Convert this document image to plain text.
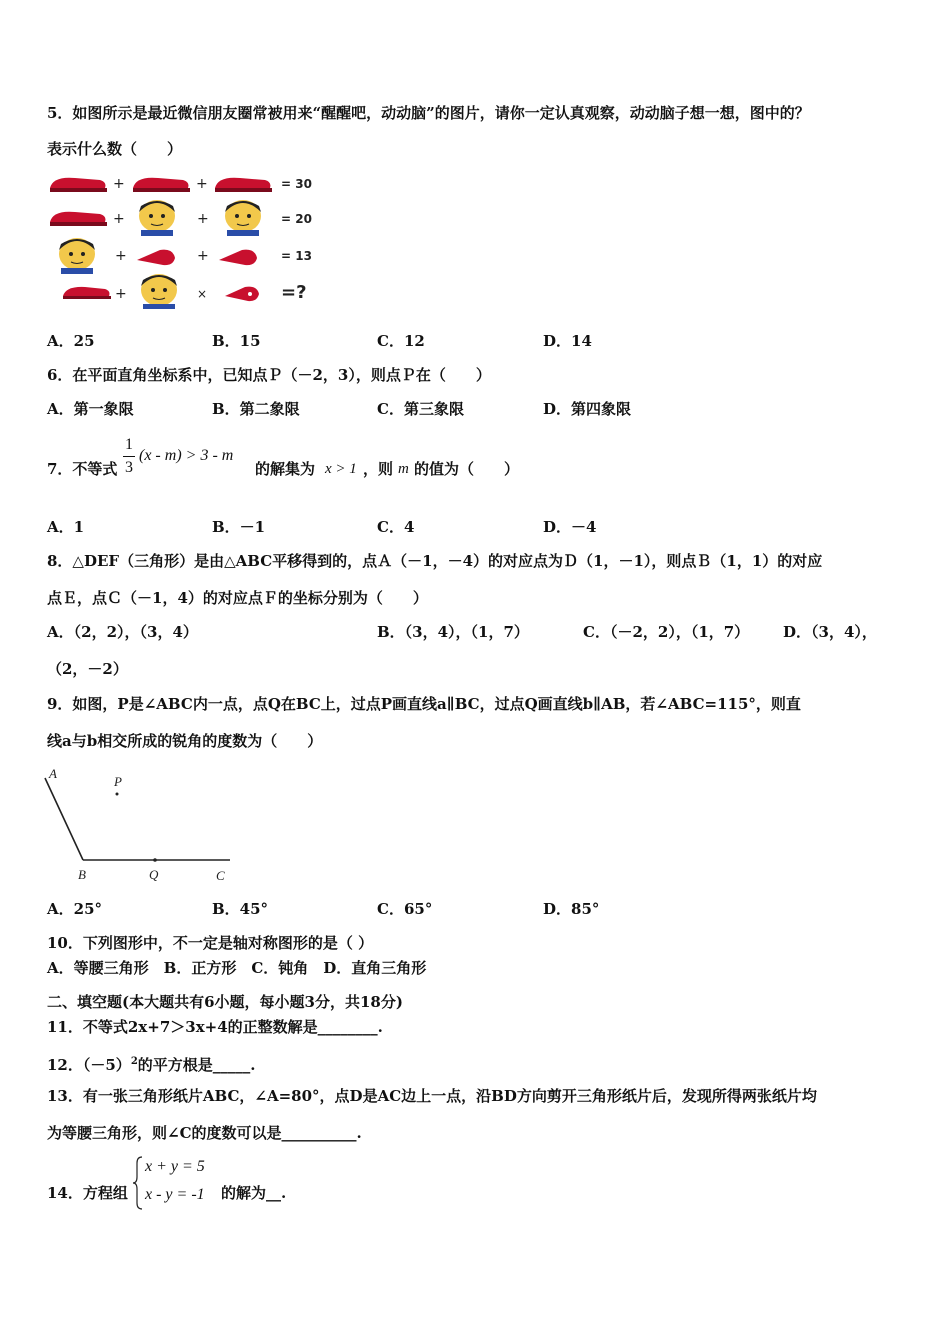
5．如图所示是最近微信朋友圈常被用来“醒醒吧，动动脑”的图片，请你一定认真观察，动动脑子想一想，图中的？
表示什么数（　　）
+	+	= 30
+	+	= 20
+	+	= 13
+	×	=?
A．25	B．15	C．12	D．14
6．在平面直角坐标系中，已知点Ｐ（－2，3），则点Ｐ在（　　）
A．第一象限	B．第二象限	C．第三象限	D．第四象限
7．不等式
1
3
(x - m) > 3 - m
的解集为 x > 1 ，则 m 的值为（　　）
A．1	B．－1	C．4	D．－4
8．△DEF（三角形）是由△ABC平移得到的，点Ａ（－1，－4）的对应点为Ｄ（1，－1），则点Ｂ（1，1）的对应
点Ｅ，点Ｃ（－1，4）的对应点Ｆ的坐标分别为（　　）
A．（2，2），（3，4）	B．（3，4），（1，7）	C．（－2，2），（1，7） D．（3，4），
（2，－2）
9．如图，P是∠ABC内一点，点Q在BC上，过点P画直线a∥BC，过点Q画直线b∥AB，若∠ABC=115°，则直
线a与b相交所成的锐角的度数为（　　）
A
P
B	Q	C
A．25°	B．45°	C．65°	D．85°
10．下列图形中，不一定是轴对称图形的是（ ）
A．等腰三角形　B．正方形　C．钝角　D．直角三角形
二、填空题(本大题共有6小题，每小题3分，共18分)
11．不等式2x+7＞3x+4的正整数解是________.
12．$(-5)^2$的平方根是_____.
13．有一张三角形纸片ABC，∠A=80°，点D是AC边上一点，沿BD方向剪开三角形纸片后，发现所得两张纸片均
为等腰三角形，则∠C的度数可以是__________.
14．方程组
x + y = 5
x - y = -1 的解为__.
